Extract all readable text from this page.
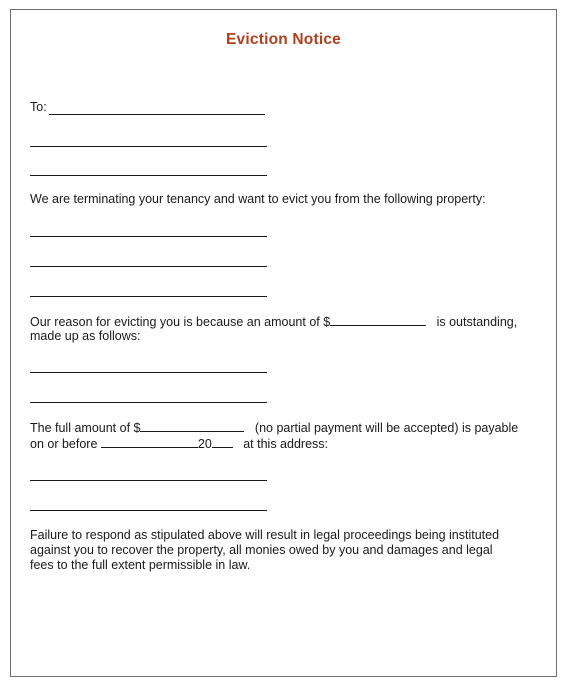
Eviction Notice
To:
We are terminating your tenancy and want to evict you from the following property:
Our reason for evicting you is because an amount of $	is outstanding,
made up as follows:
The full amount of $	(no partial payment will be accepted) is payable
on or before	20	at this address:
Failure to respond as stipulated above will result in legal proceedings being instituted
against you to recover the property, all monies owed by you and damages and legal
fees to the full extent permissible in law.
